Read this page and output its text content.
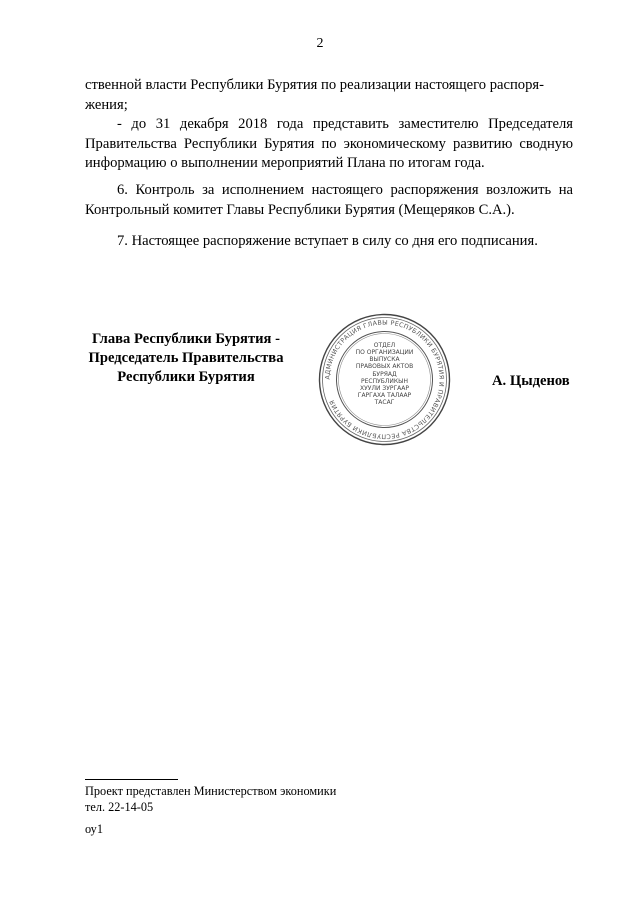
2

ственной власти Республики Бурятия по реализации настоящего распоря-

жения;

- до 31 декабря 2018 года представить заместителю Председателя Правительства Республики Бурятия по экономическому развитию сводную информацию о выполнении мероприятий Плана по итогам года.

6. Контроль за исполнением настоящего распоряжения возложить на Контрольный комитет Главы Республики Бурятия (Мещеряков С.А.).

7. Настоящее распоряжение вступает в силу со дня его подписания.

Глава Республики Бурятия -
Председатель Правительства
Республики Бурятия	АДМИНИСТРАЦИЯ ГЛАВЫ РЕСПУБЛИКИ БУРЯТИЯ И ПРАВИТЕЛЬСТВА РЕСПУБЛИКИ БУРЯТИЯ
ОТДЕЛ
ПО ОРГАНИЗАЦИИ
ВЫПУСКА
ПРАВОВЫХ АКТОВ
БУРЯАД
РЕСПУБЛИКЫН
ХУУЛИ ЗУРГААР
ГАРГАХА ТАЛААР
ТАСАГ
А. Цыденов
Проект представлен Министерством экономики
тел. 22-14-05
оу1
